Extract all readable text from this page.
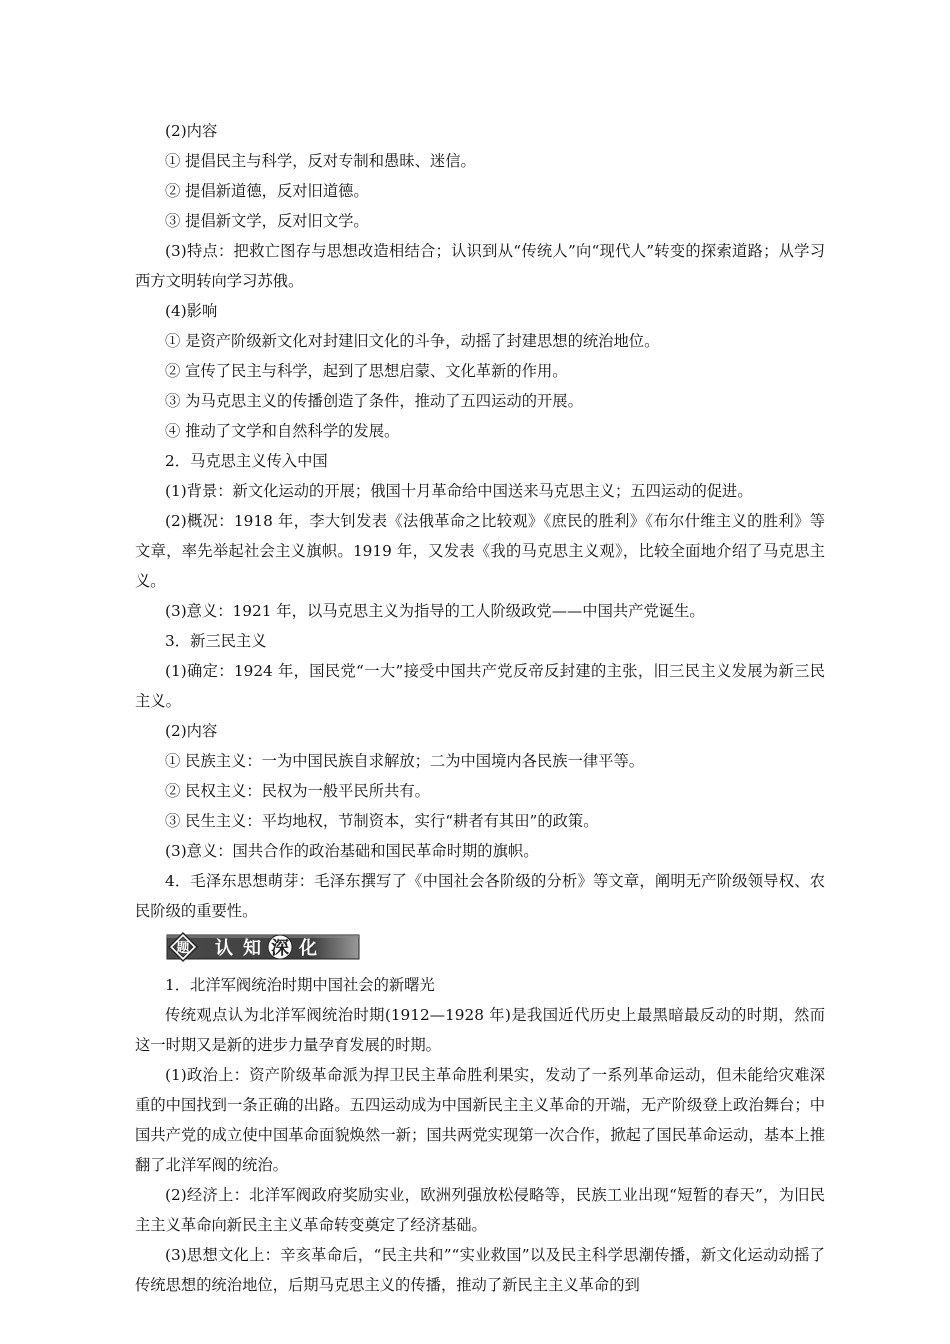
(2)内容
① 提倡民主与科学，反对专制和愚昧、迷信。
② 提倡新道德，反对旧道德。
③ 提倡新文学，反对旧文学。
(3)特点：把救亡图存与思想改造相结合；认识到从“传统人”向“现代人”转变的探索道路；从学习西方文明转向学习苏俄。
(4)影响
① 是资产阶级新文化对封建旧文化的斗争，动摇了封建思想的统治地位。
② 宣传了民主与科学，起到了思想启蒙、文化革新的作用。
③ 为马克思主义的传播创造了条件，推动了五四运动的开展。
④ 推动了文学和自然科学的发展。
2．马克思主义传入中国
(1)背景：新文化运动的开展；俄国十月革命给中国送来马克思主义；五四运动的促进。
(2)概况：1918 年，李大钊发表《法俄革命之比较观》《庶民的胜利》《布尔什维主义的胜利》等文章，率先举起社会主义旗帜。1919 年，又发表《我的马克思主义观》，比较全面地介绍了马克思主义。
(3)意义：1921 年，以马克思主义为指导的工人阶级政党——中国共产党诞生。
3．新三民主义
(1)确定：1924 年，国民党“一大”接受中国共产党反帝反封建的主张，旧三民主义发展为新三民主义。
(2)内容
① 民族主义：一为中国民族自求解放；二为中国境内各民族一律平等。
② 民权主义：民权为一般平民所共有。
③ 民生主义：平均地权，节制资本，实行“耕者有其田”的政策。
(3)意义：国共合作的政治基础和国民革命时期的旗帜。
4．毛泽东思想萌芽：毛泽东撰写了《中国社会各阶级的分析》等文章，阐明无产阶级领导权、农民阶级的重要性。
题 认 知 深 化
1．北洋军阀统治时期中国社会的新曙光
传统观点认为北洋军阀统治时期(1912—1928 年)是我国近代历史上最黑暗最反动的时期，然而这一时期又是新的进步力量孕育发展的时期。
(1)政治上：资产阶级革命派为捍卫民主革命胜利果实，发动了一系列革命运动，但未能给灾难深重的中国找到一条正确的出路。五四运动成为中国新民主主义革命的开端，无产阶级登上政治舞台；中国共产党的成立使中国革命面貌焕然一新；国共两党实现第一次合作，掀起了国民革命运动，基本上推翻了北洋军阀的统治。
(2)经济上：北洋军阀政府奖励实业，欧洲列强放松侵略等，民族工业出现“短暂的春天”，为旧民主主义革命向新民主主义革命转变奠定了经济基础。
(3)思想文化上：辛亥革命后，“民主共和”“实业救国”以及民主科学思潮传播，新文化运动动摇了传统思想的统治地位，后期马克思主义的传播，推动了新民主主义革命的到
